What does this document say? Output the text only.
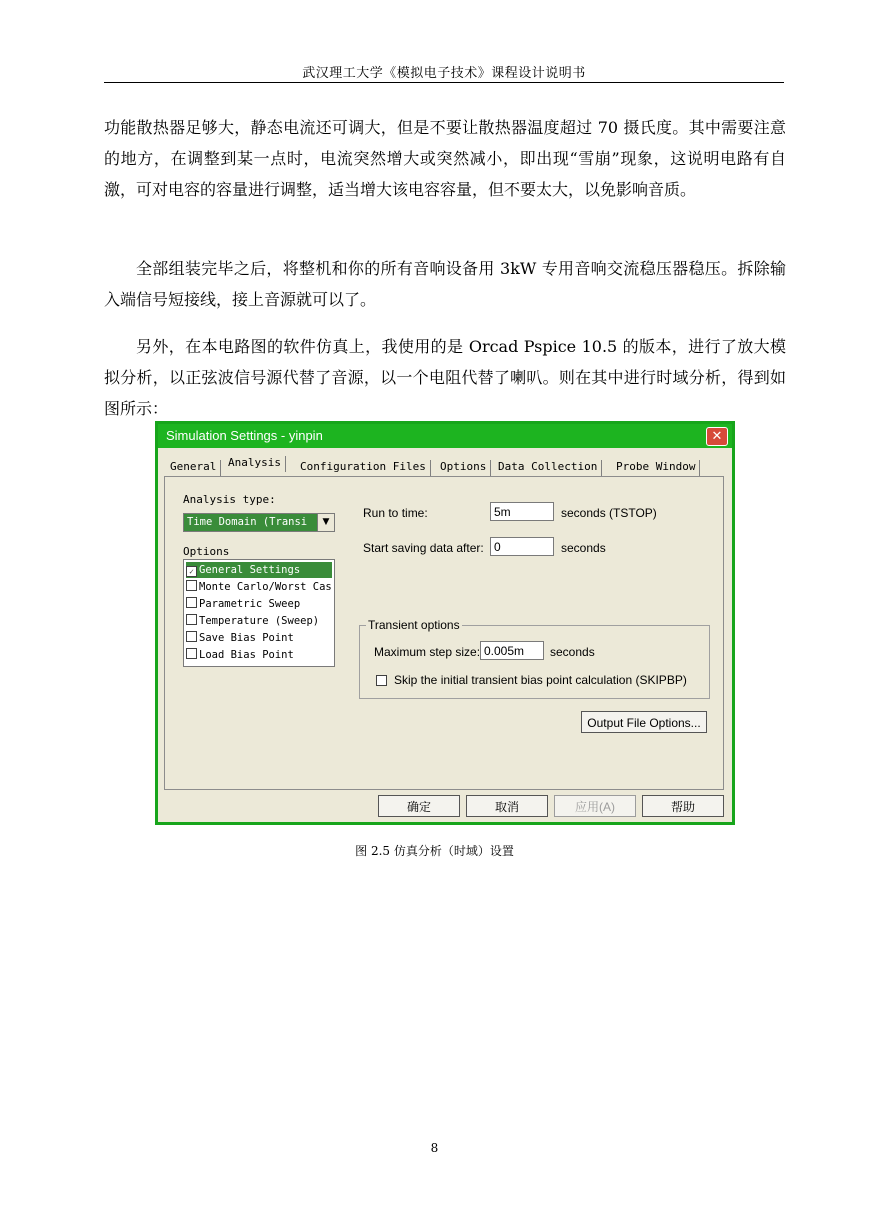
武汉理工大学《模拟电子技术》课程设计说明书

功能散热器足够大，静态电流还可调大，但是不要让散热器温度超过 70 摄氏度。其中需要注意的地方，在调整到某一点时，电流突然增大或突然减小，即出现“雪崩”现象，这说明电路有自激，可对电容的容量进行调整，适当增大该电容容量，但不要太大，以免影响音质。

全部组装完毕之后，将整机和你的所有音响设备用 3kW 专用音响交流稳压器稳压。拆除输入端信号短接线，接上音源就可以了。

另外，在本电路图的软件仿真上，我使用的是 Orcad Pspice 10.5 的版本，进行了放大模拟分析，以正弦波信号源代替了音源，以一个电阻代替了喇叭。则在其中进行时域分析，得到如图所示：

Simulation Settings - yinpin	✕
General	Analysis	Configuration Files	Options	Data Collection	Probe Window
Analysis type:
Time Domain (Transi	▼
Options
✓ General Settings
Monte Carlo/Worst Cas
Parametric Sweep
Temperature (Sweep)
Save Bias Point
Load Bias Point
Run to time:	5m	seconds (TSTOP)
Start saving data after: 0	seconds
Transient options
Maximum step size: 0.005m	seconds
Skip the initial transient bias point calculation (SKIPBP)
Output File Options...
确定	取消	应用(A)	帮助
图 2.5 仿真分析（时域）设置
8
